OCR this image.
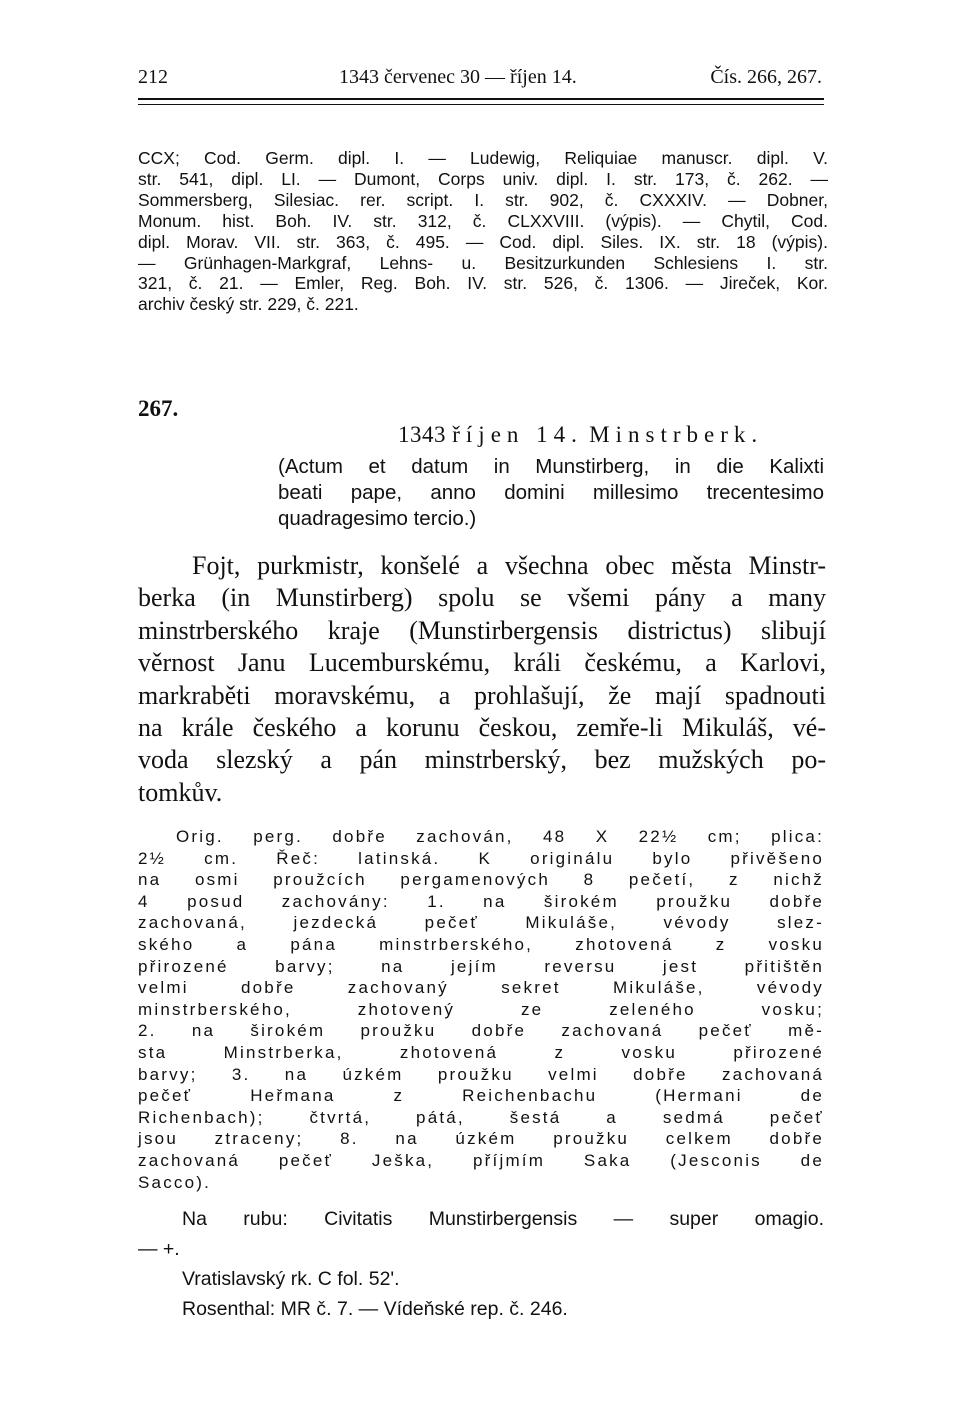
212	1343 červenec 30 — říjen 14.	Čís. 266, 267.
CCX; Cod. Germ. dipl. I. — Ludewig, Reliquiae manuscr. dipl. V.
str. 541, dipl. LI. — Dumont, Corps univ. dipl. I. str. 173, č. 262. —
Sommersberg, Silesiac. rer. script. I. str. 902, č. CXXXIV. — Dobner,
Monum. hist. Boh. IV. str. 312, č. CLXXVIII. (výpis). — Chytil, Cod.
dipl. Morav. VII. str. 363, č. 495. — Cod. dipl. Siles. IX. str. 18 (výpis).
— Grünhagen-Markgraf, Lehns- u. Besitzurkunden Schlesiens I. str.
321, č. 21. — Emler, Reg. Boh. IV. str. 526, č. 1306. — Jireček, Kor.
archiv český str. 229, č. 221.
267.
1343 říjen 14. Minstrberk.
(Actum et datum in Munstirberg, in die Kalixti
beati pape, anno domini millesimo trecentesimo
quadragesimo tercio.)
Fojt, purkmistr, konšelé a všechna obec města Minstr-
berka (in Munstirberg) spolu se všemi pány a many
minstrberského kraje (Munstirbergensis districtus) slibují
věrnost Janu Lucemburskému, králi českému, a Karlovi,
markraběti moravskému, a prohlašují, že mají spadnouti
na krále českého a korunu českou, zemře-li Mikuláš, vé-
voda slezský a pán minstrberský, bez mužských po-
tomkův.
Orig. perg. dobře zachován, 48 X 22½ cm; plica:
2½ cm. Řeč: latinská. K originálu bylo přivěšeno
na osmi proužcích pergamenových 8 pečetí, z nichž
4 posud zachovány: 1. na širokém proužku dobře
zachovaná, jezdecká pečeť Mikuláše, vévody slez-
ského a pána minstrberského, zhotovená z vosku
přirozené barvy; na jejím reversu jest přitištěn
velmi dobře zachovaný sekret Mikuláše, vévody
minstrberského, zhotovený ze zeleného vosku;
2. na širokém proužku dobře zachovaná pečeť mě-
sta Minstrberka, zhotovená z vosku přirozené
barvy; 3. na úzkém proužku velmi dobře zachovaná
pečeť Heřmana z Reichenbachu (Hermani de
Richenbach); čtvrtá, pátá, šestá a sedmá pečeť
jsou ztraceny; 8. na úzkém proužku celkem dobře
zachovaná pečeť Ješka, příjmím Saka (Jesconis de
Sacco).
Na rubu: Civitatis Munstirbergensis — super omagio.
— +.
Vratislavský rk. C fol. 52'.
Rosenthal: MR č. 7. — Vídeňské rep. č. 246.
